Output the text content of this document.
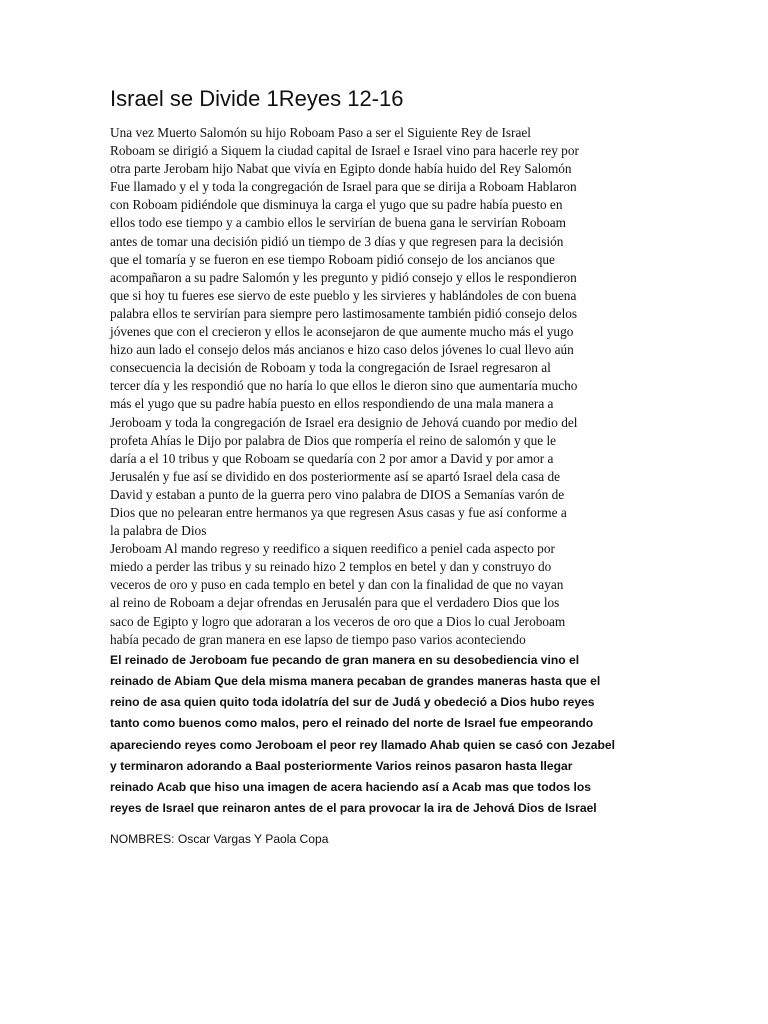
Israel se Divide 1Reyes 12-16
Una vez Muerto Salomón su hijo Roboam Paso a ser el Siguiente Rey de Israel
Roboam se dirigió a Siquem la ciudad capital de Israel e Israel vino para hacerle rey por
otra parte Jerobam hijo Nabat que vivía en Egipto donde había huido del Rey Salomón
Fue llamado y el y toda la congregación de Israel para que se dirija a Roboam Hablaron
con Roboam pidiéndole que disminuya la carga el yugo que su padre había puesto en
ellos todo ese tiempo y a cambio ellos le servirían de buena gana le servirían Roboam
antes de tomar una decisión pidió un tiempo de 3 días y que regresen para la decisión
que el tomaría y se fueron en ese tiempo Roboam pidió consejo de los ancianos que
acompañaron a su padre Salomón y les pregunto y pidió consejo y ellos le respondieron
que si hoy tu fueres ese siervo de este pueblo y les sirvieres y hablándoles de con buena
palabra ellos te servirían para siempre pero lastimosamente también pidió consejo delos
jóvenes que con el crecieron y ellos le aconsejaron de que aumente mucho más el yugo
hizo aun lado el consejo delos más ancianos e hizo caso delos jóvenes lo cual llevo aún
consecuencia la decisión de Roboam y toda la congregación de Israel regresaron al
tercer día y les respondió que no haría lo que ellos le dieron sino que aumentaría mucho
más el yugo que su padre había puesto en ellos respondiendo de una mala manera a
Jeroboam y toda la congregación de Israel era designio de Jehová cuando por medio del
profeta Ahías le Dijo por palabra de Dios que rompería el reino de salomón y que le
daría a el 10 tribus y que Roboam se quedaría con 2 por amor a David y por amor a
Jerusalén y fue así se dividido en dos posteriormente así se apartó Israel dela casa de
David y estaban a punto de la guerra pero vino palabra de DIOS a Semanías varón de
Dios que no pelearan entre hermanos ya que regresen Asus casas y fue así conforme a
la palabra de Dios
Jeroboam Al mando regreso y reedifico a siquen reedifico a peniel cada aspecto por
miedo a perder las tribus y su reinado hizo 2 templos en betel y dan y construyo do
veceros de oro y puso en cada templo en betel y dan con la finalidad de que no vayan
al reino de Roboam a dejar ofrendas en Jerusalén para que el verdadero Dios que los
saco de Egipto y logro que adoraran a los veceros de oro que a Dios lo cual Jeroboam
había pecado de gran manera en ese lapso de tiempo paso varios aconteciendo
El reinado de Jeroboam fue pecando de gran manera en su desobediencia vino el
reinado de Abiam Que dela misma manera pecaban de grandes maneras hasta que el
reino de asa quien quito toda idolatría del sur de Judá y obedeció a Dios hubo reyes
tanto como buenos como malos, pero el reinado del norte de Israel fue empeorando
apareciendo reyes como Jeroboam el peor rey llamado Ahab quien se casó con Jezabel
y terminaron adorando a Baal posteriormente Varios reinos pasaron hasta llegar
reinado Acab que hiso una imagen de acera haciendo así a Acab mas que todos los
reyes de Israel que reinaron antes de el para provocar la ira de Jehová Dios de Israel
NOMBRES: Oscar Vargas Y Paola Copa
